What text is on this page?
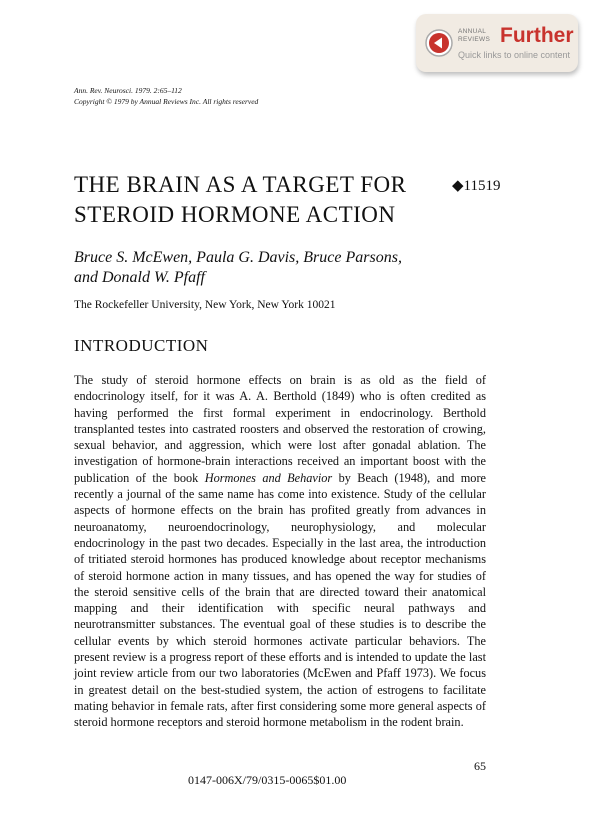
ANNUAL
REVIEWS Further
Quick links to online content
Ann. Rev. Neurosci. 1979. 2:65–112
Copyright © 1979 by Annual Reviews Inc. All rights reserved
THE BRAIN AS A TARGET FOR
STEROID HORMONE ACTION
◆11519
Bruce S. McEwen, Paula G. Davis, Bruce Parsons,
and Donald W. Pfaff
The Rockefeller University, New York, New York 10021
INTRODUCTION
The study of steroid hormone effects on brain is as old as the field of endocrinology itself, for it was A. A. Berthold (1849) who is often credited as having performed the first formal experiment in endocrinology. Berthold transplanted testes into castrated roosters and observed the restoration of crowing, sexual behavior, and aggression, which were lost after gonadal ablation. The investigation of hormone-brain interactions received an important boost with the publication of the book Hormones and Behavior by Beach (1948), and more recently a journal of the same name has come into existence. Study of the cellular aspects of hormone effects on the brain has profited greatly from advances in neuroanatomy, neuroendocrinology, neurophysiology, and molecular endocrinology in the past two decades. Especially in the last area, the introduction of tritiated steroid hormones has produced knowledge about receptor mechanisms of steroid hormone action in many tissues, and has opened the way for studies of the steroid sensitive cells of the brain that are directed toward their anatomical mapping and their identification with specific neural pathways and neurotransmitter substances. The eventual goal of these studies is to describe the cellular events by which steroid hormones activate particular behaviors. The present review is a progress report of these efforts and is intended to update the last joint review article from our two laboratories (McEwen and Pfaff 1973). We focus in greatest detail on the best-studied system, the action of estrogens to facilitate mating behavior in female rats, after first considering some more general aspects of steroid hormone receptors and steroid hormone metabolism in the rodent brain.
65
0147-006X/79/0315-0065$01.00
